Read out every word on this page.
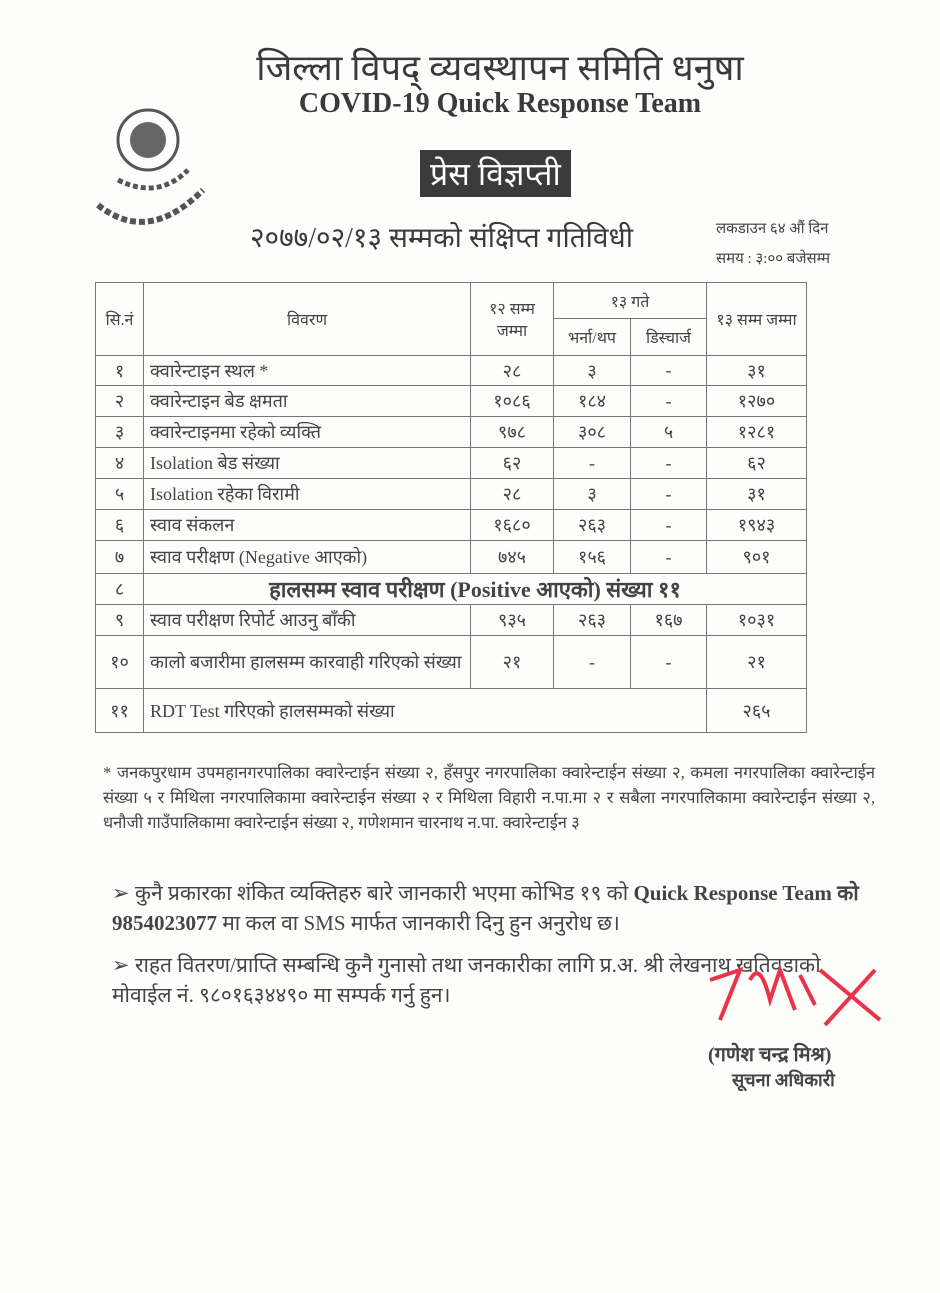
जिल्ला विपद् व्यवस्थापन समिति धनुषा
COVID-19 Quick Response Team
प्रेस विज्ञप्ती
२०७७/०२/१३ सम्मको संक्षिप्त गतिविधी	लकडाउन ६४ औं दिन
समय : ३:०० बजेसम्म
सि.नं	विवरण	१२ सम्म जम्मा	१३ गते		१३ सम्म जम्मा
			भर्ना/थप	डिस्चार्ज	
१	क्वारेन्टाइन स्थल *	२८	३	-	३१
२	क्वारेन्टाइन बेड क्षमता	१०८६	१८४	-	१२७०
३	क्वारेन्टाइनमा रहेको व्यक्ति	९७८	३०८	५	१२८१
४	Isolation बेड संख्या	६२	-	-	६२
५	Isolation रहेका विरामी	२८	३	-	३१
६	स्वाव संकलन	१६८०	२६३	-	१९४३
७	स्वाव परीक्षण (Negative आएको)	७४५	१५६	-	९०१
८	हालसम्म स्वाव परीक्षण (Positive आएको) संख्या ११				
९	स्वाव परीक्षण रिपोर्ट आउनु बाँकी	९३५	२६३	१६७	१०३१
१०	कालो बजारीमा हालसम्म कारवाही गरिएको संख्या	२१	-	-	२१
११	RDT Test गरिएको हालसम्मको संख्या				२६५
* जनकपुरधाम उपमहानगरपालिका क्वारेन्टाईन संख्या २, हँसपुर नगरपालिका क्वारेन्टाईन संख्या २, कमला नगरपालिका क्वारेन्टाईन संख्या ५ र मिथिला नगरपालिकामा क्वारेन्टाईन संख्या २ र मिथिला विहारी न.पा.मा २ र सबैला नगरपालिकामा क्वारेन्टाईन संख्या २, धनौजी गाउँपालिकामा क्वारेन्टाईन संख्या २, गणेशमान चारनाथ न.पा. क्वारेन्टाईन ३
➢ कुनै प्रकारका शंकित व्यक्तिहरु बारे जानकारी भएमा कोभिड १९ को Quick Response Team को 9854023077 मा कल वा SMS मार्फत जानकारी दिनु हुन अनुरोध छ।
➢ राहत वितरण/प्राप्ति सम्बन्धि कुनै गुनासो तथा जनकारीका लागि प्र.अ. श्री लेखनाथ खतिवडाको मोवाईल नं. ९८०१६३४४९० मा सम्पर्क गर्नु हुन।
(गणेश चन्द्र मिश्र)
सूचना अधिकारी
